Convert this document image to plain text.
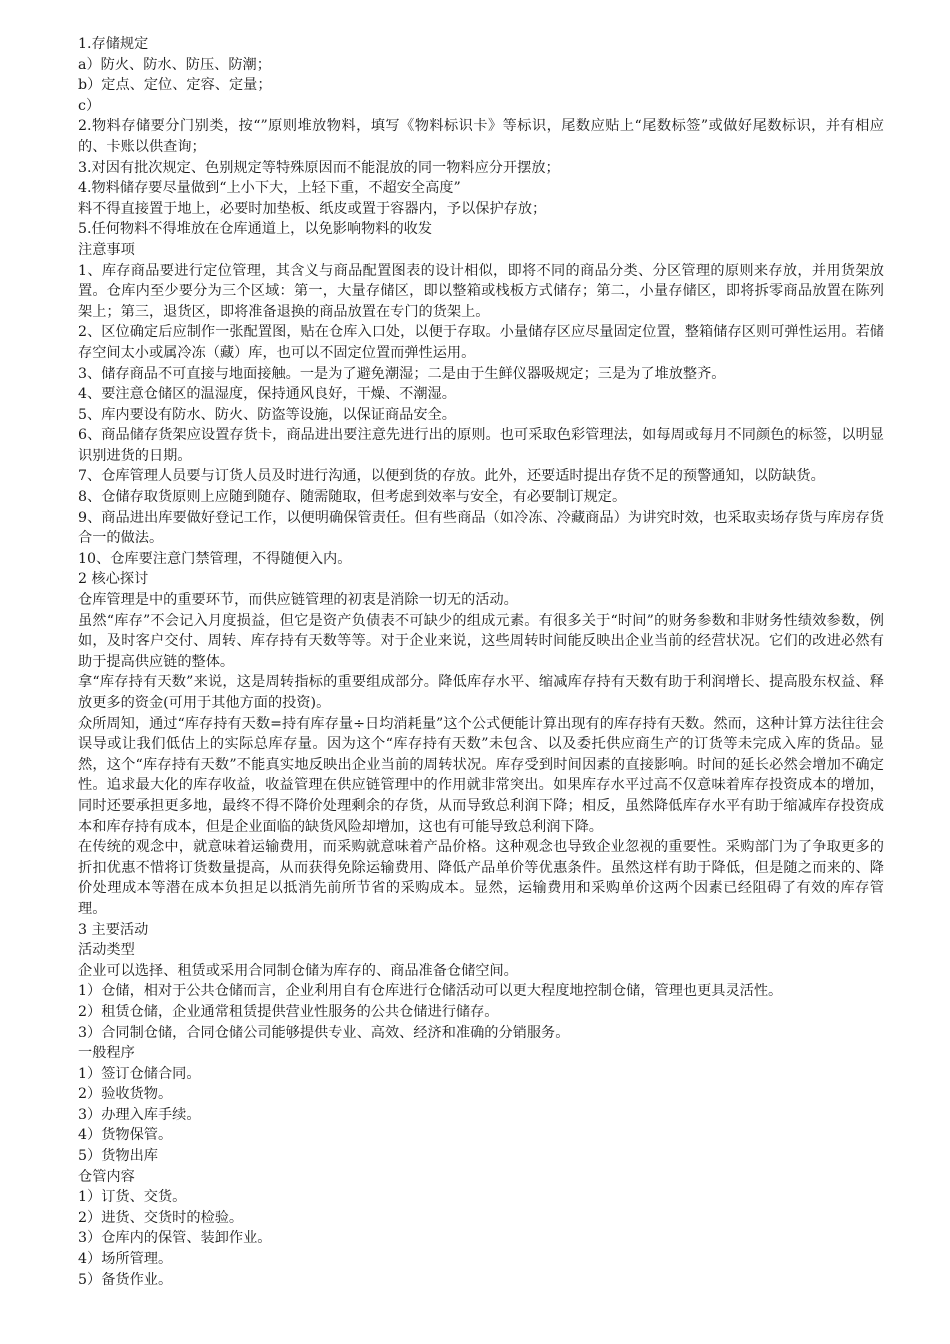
1.存储规定

a）防火、防水、防压、防潮；

b）定点、定位、定容、定量；

c）

2.物料存储要分门别类，按“”原则堆放物料，填写《物料标识卡》等标识，尾数应贴上“尾数标签”或做好尾数标识，并有相应的、卡账以供查询；

3.对因有批次规定、色别规定等特殊原因而不能混放的同一物料应分开摆放；

4.物料储存要尽量做到“上小下大，上轻下重，不超安全高度”

料不得直接置于地上，必要时加垫板、纸皮或置于容器内，予以保护存放；

5.任何物料不得堆放在仓库通道上，以免影响物料的收发

注意事项

1、库存商品要进行定位管理，其含义与商品配置图表的设计相似，即将不同的商品分类、分区管理的原则来存放，并用货架放置。仓库内至少要分为三个区域：第一，大量存储区，即以整箱或栈板方式储存；第二，小量存储区，即将拆零商品放置在陈列架上；第三，退货区，即将准备退换的商品放置在专门的货架上。

2、区位确定后应制作一张配置图，贴在仓库入口处，以便于存取。小量储存区应尽量固定位置，整箱储存区则可弹性运用。若储存空间太小或属冷冻（藏）库，也可以不固定位置而弹性运用。

3、储存商品不可直接与地面接触。一是为了避免潮湿；二是由于生鲜仪器吸规定；三是为了堆放整齐。

4、要注意仓储区的温湿度，保持通风良好，干燥、不潮湿。

5、库内要设有防水、防火、防盗等设施，以保证商品安全。

6、商品储存货架应设置存货卡，商品进出要注意先进行出的原则。也可采取色彩管理法，如每周或每月不同颜色的标签，以明显识别进货的日期。

7、仓库管理人员要与订货人员及时进行沟通，以便到货的存放。此外，还要适时提出存货不足的预警通知，以防缺货。

8、仓储存取货原则上应随到随存、随需随取，但考虑到效率与安全，有必要制订规定。

9、商品进出库要做好登记工作，以便明确保管责任。但有些商品（如冷冻、冷藏商品）为讲究时效，也采取卖场存货与库房存货合一的做法。

10、仓库要注意门禁管理，不得随便入内。

2 核心探讨

仓库管理是中的重要环节，而供应链管理的初衷是消除一切无的活动。

虽然“库存”不会记入月度损益，但它是资产负债表不可缺少的组成元素。有很多关于“时间”的财务参数和非财务性绩效参数，例如，及时客户交付、周转、库存持有天数等等。对于企业来说，这些周转时间能反映出企业当前的经营状况。它们的改进必然有助于提高供应链的整体。

拿“库存持有天数”来说，这是周转指标的重要组成部分。降低库存水平、缩减库存持有天数有助于利润增长、提高股东权益、释放更多的资金(可用于其他方面的投资)。

众所周知，通过“库存持有天数=持有库存量÷日均消耗量”这个公式便能计算出现有的库存持有天数。然而，这种计算方法往往会误导或让我们低估上的实际总库存量。因为这个“库存持有天数”未包含、以及委托供应商生产的订货等未完成入库的货品。显然，这个“库存持有天数”不能真实地反映出企业当前的周转状况。库存受到时间因素的直接影响。时间的延长必然会增加不确定性。追求最大化的库存收益，收益管理在供应链管理中的作用就非常突出。如果库存水平过高不仅意味着库存投资成本的增加，同时还要承担更多地，最终不得不降价处理剩余的存货，从而导致总利润下降；相反，虽然降低库存水平有助于缩减库存投资成本和库存持有成本，但是企业面临的缺货风险却增加，这也有可能导致总利润下降。

在传统的观念中，就意味着运输费用，而采购就意味着产品价格。这种观念也导致企业忽视的重要性。采购部门为了争取更多的折扣优惠不惜将订货数量提高，从而获得免除运输费用、降低产品单价等优惠条件。虽然这样有助于降低，但是随之而来的、降价处理成本等潜在成本负担足以抵消先前所节省的采购成本。显然，运输费用和采购单价这两个因素已经阻碍了有效的库存管理。

3 主要活动

活动类型

企业可以选择、租赁或采用合同制仓储为库存的、商品准备仓储空间。

1）仓储，相对于公共仓储而言，企业利用自有仓库进行仓储活动可以更大程度地控制仓储，管理也更具灵活性。

2）租赁仓储，企业通常租赁提供营业性服务的公共仓储进行储存。

3）合同制仓储，合同仓储公司能够提供专业、高效、经济和准确的分销服务。

一般程序

1）签订仓储合同。

2）验收货物。

3）办理入库手续。

4）货物保管。

5）货物出库

仓管内容

1）订货、交货。

2）进货、交货时的检验。

3）仓库内的保管、装卸作业。

4）场所管理。

5）备货作业。
